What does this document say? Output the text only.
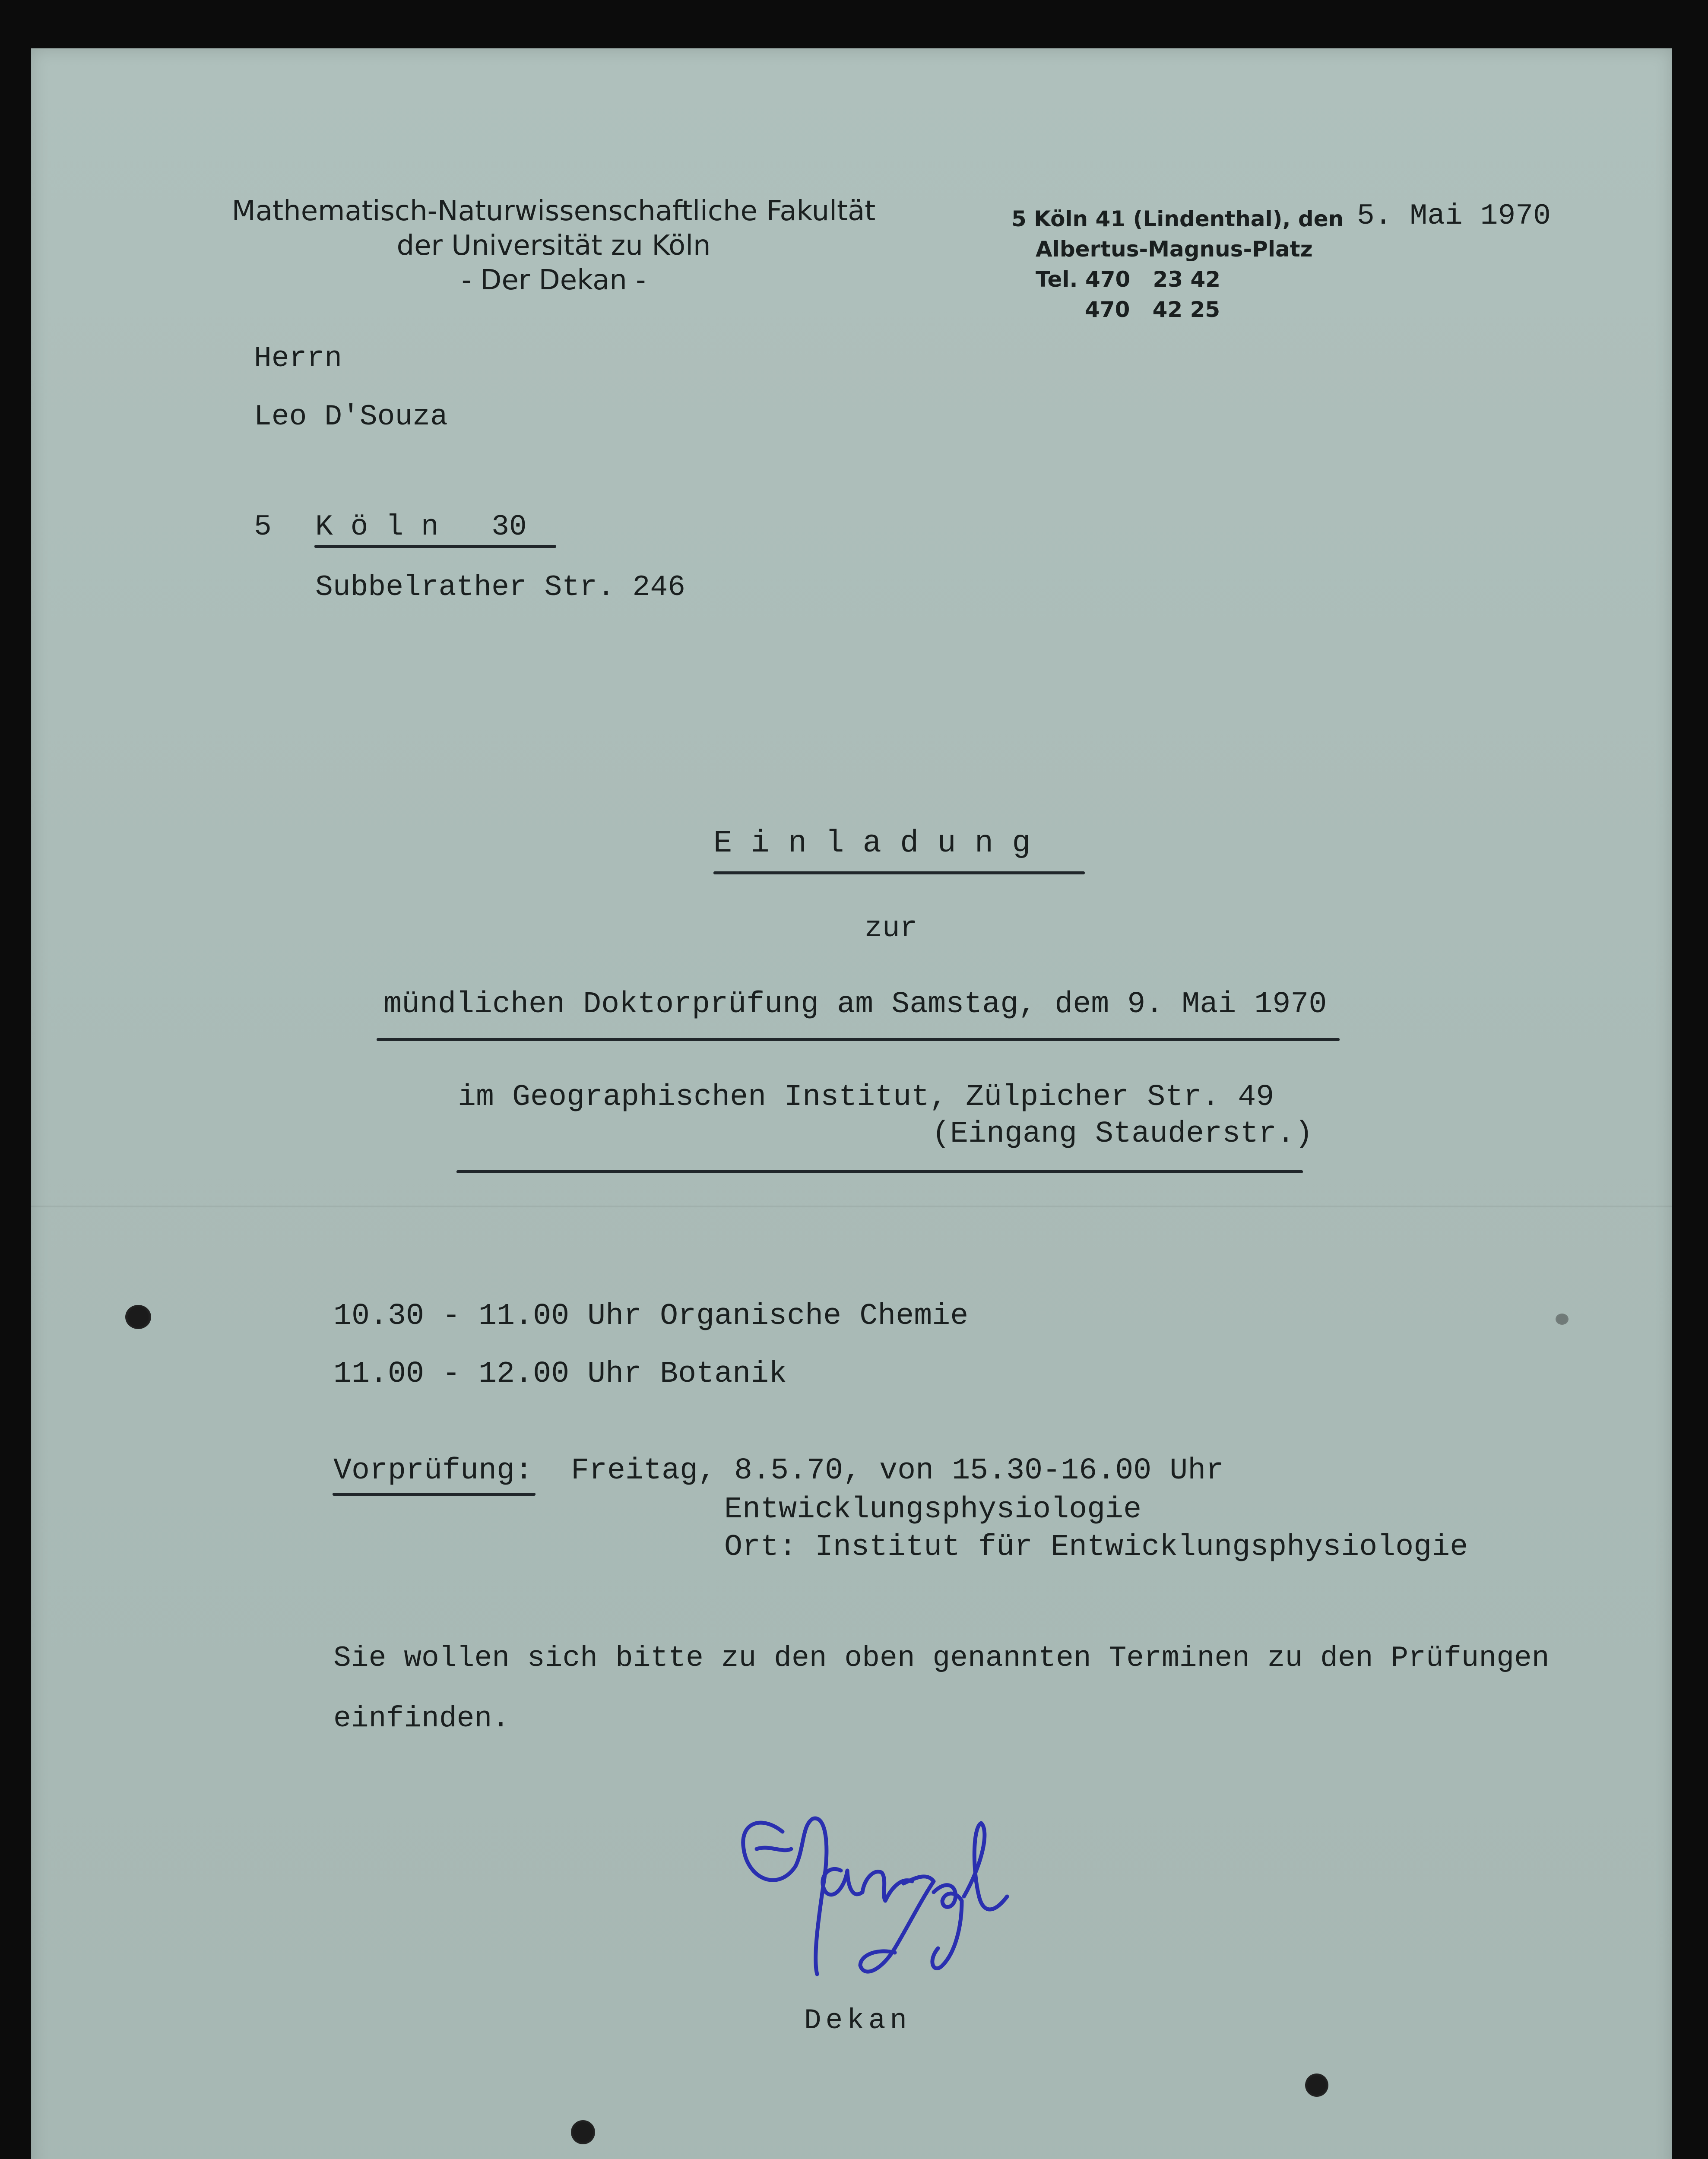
Mathematisch-Naturwissenschaftliche Fakultät
der Universität zu Köln
- Der Dekan -
5 Köln 41 (Lindenthal), den
Albertus-Magnus-Platz
Tel. 470   23 42
470   42 25
5. Mai 1970
Herrn
Leo D'Souza
5 K ö l n   30
Subbelrather Str. 246
E i n l a d u n g
zur
mündlichen Doktorprüfung am Samstag, dem 9. Mai 1970
im Geographischen Institut, Zülpicher Str. 49
(Eingang Stauderstr.)
10.30 - 11.00 Uhr Organische Chemie
11.00 - 12.00 Uhr Botanik
Vorprüfung: Freitag, 8.5.70, von 15.30-16.00 Uhr
Entwicklungsphysiologie
Ort: Institut für Entwicklungsphysiologie
Sie wollen sich bitte zu den oben genannten Terminen zu den Prüfungen
einfinden.
Dekan
